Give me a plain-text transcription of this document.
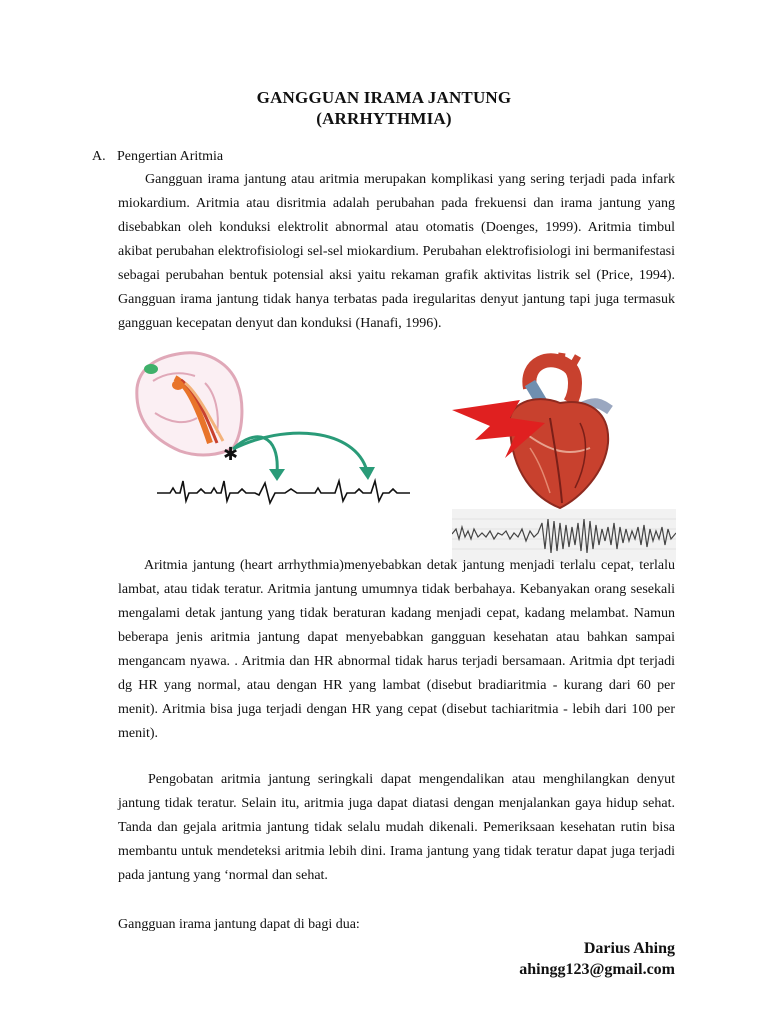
GANGGUAN IRAMA JANTUNG
(ARRHYTHMIA)
A. Pengertian Aritmia

Gangguan irama jantung atau aritmia merupakan komplikasi yang sering terjadi pada infark miokardium. Aritmia atau disritmia adalah perubahan pada frekuensi dan irama jantung yang disebabkan oleh konduksi elektrolit abnormal atau otomatis (Doenges, 1999). Aritmia timbul akibat perubahan elektrofisiologi sel-sel miokardium. Perubahan elektrofisiologi ini bermanifestasi sebagai perubahan bentuk potensial aksi yaitu rekaman grafik aktivitas listrik sel (Price, 1994). Gangguan irama jantung tidak hanya terbatas pada iregularitas denyut jantung tapi juga termasuk gangguan kecepatan denyut dan konduksi (Hanafi, 1996).

✱

Aritmia jantung (heart arrhythmia)menyebabkan detak jantung menjadi terlalu cepat, terlalu lambat, atau tidak teratur. Aritmia jantung umumnya tidak berbahaya. Kebanyakan orang sesekali mengalami detak jantung yang tidak beraturan kadang menjadi cepat, kadang melambat. Namun beberapa jenis aritmia jantung dapat menyebabkan gangguan kesehatan atau bahkan sampai mengancam nyawa. . Aritmia dan HR abnormal tidak harus terjadi bersamaan. Aritmia dpt terjadi dg HR yang normal, atau dengan HR yang lambat (disebut bradiaritmia - kurang dari 60 per menit). Aritmia bisa juga terjadi dengan HR yang cepat (disebut tachiaritmia - lebih dari 100 per menit).

Pengobatan aritmia jantung seringkali dapat mengendalikan atau menghilangkan denyut jantung tidak teratur. Selain itu, aritmia juga dapat diatasi dengan menjalankan gaya hidup sehat. Tanda dan gejala aritmia jantung tidak selalu mudah dikenali. Pemeriksaan kesehatan rutin bisa membantu untuk mendeteksi aritmia lebih dini. Irama jantung yang tidak teratur dapat juga terjadi pada jantung yang ‘normal dan sehat.

Gangguan irama jantung dapat di bagi dua:

Darius Ahing
ahingg123@gmail.com
